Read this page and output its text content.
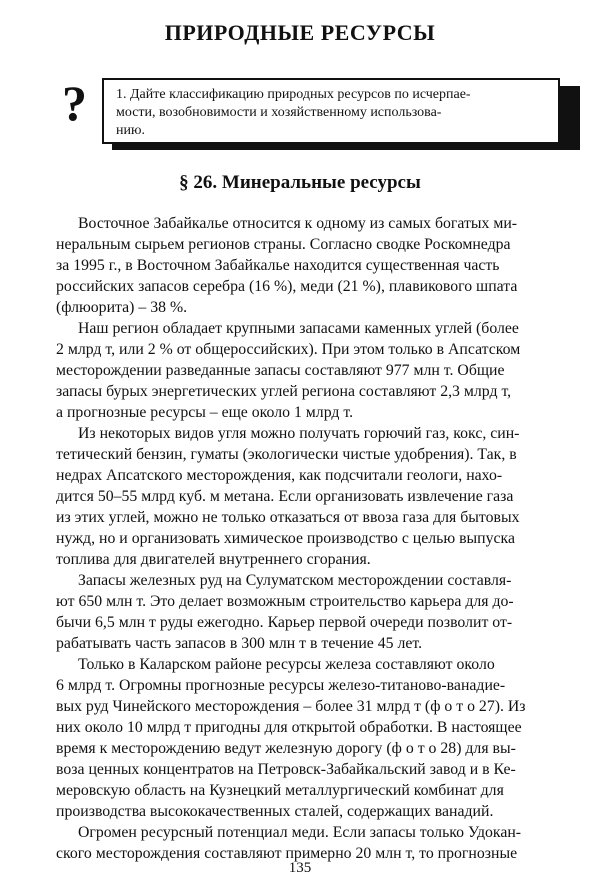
ПРИРОДНЫЕ РЕСУРСЫ
? 1. Дайте классификацию природных ресурсов по исчерпае-
мости, возобновимости и хозяйственному использова-
нию.
§ 26. Минеральные ресурсы
Восточное Забайкалье относится к одному из самых богатых ми-
неральным сырьем регионов страны. Согласно сводке Роскомнедра
за 1995 г., в Восточном Забайкалье находится существенная часть
российских запасов серебра (16 %), меди (21 %), плавикового шпата
(флюорита) – 38 %.
Наш регион обладает крупными запасами каменных углей (более
2 млрд т, или 2 % от общероссийских). При этом только в Апсатском
месторождении разведанные запасы составляют 977 млн т. Общие
запасы бурых энергетических углей региона составляют 2,3 млрд т,
а прогнозные ресурсы – еще около 1 млрд т.
Из некоторых видов угля можно получать горючий газ, кокс, син-
тетический бензин, гуматы (экологически чистые удобрения). Так, в
недрах Апсатского месторождения, как подсчитали геологи, нахо-
дится 50–55 млрд куб. м метана. Если организовать извлечение газа
из этих углей, можно не только отказаться от ввоза газа для бытовых
нужд, но и организовать химическое производство с целью выпуска
топлива для двигателей внутреннего сгорания.
Запасы железных руд на Сулуматском месторождении составля-
ют 650 млн т. Это делает возможным строительство карьера для до-
бычи 6,5 млн т руды ежегодно. Карьер первой очереди позволит от-
рабатывать часть запасов в 300 млн т в течение 45 лет.
Только в Каларском районе ресурсы железа составляют около
6 млрд т. Огромны прогнозные ресурсы железо-титаново-ванадие-
вых руд Чинейского месторождения – более 31 млрд т (ф о т о 27). Из
них около 10 млрд т пригодны для открытой обработки. В настоящее
время к месторождению ведут железную дорогу (ф о т о 28) для вы-
воза ценных концентратов на Петровск-Забайкальский завод и в Ке-
меровскую область на Кузнецкий металлургический комбинат для
производства высококачественных сталей, содержащих ванадий.
Огромен ресурсный потенциал меди. Если запасы только Удокан-
ского месторождения составляют примерно 20 млн т, то прогнозные
135
